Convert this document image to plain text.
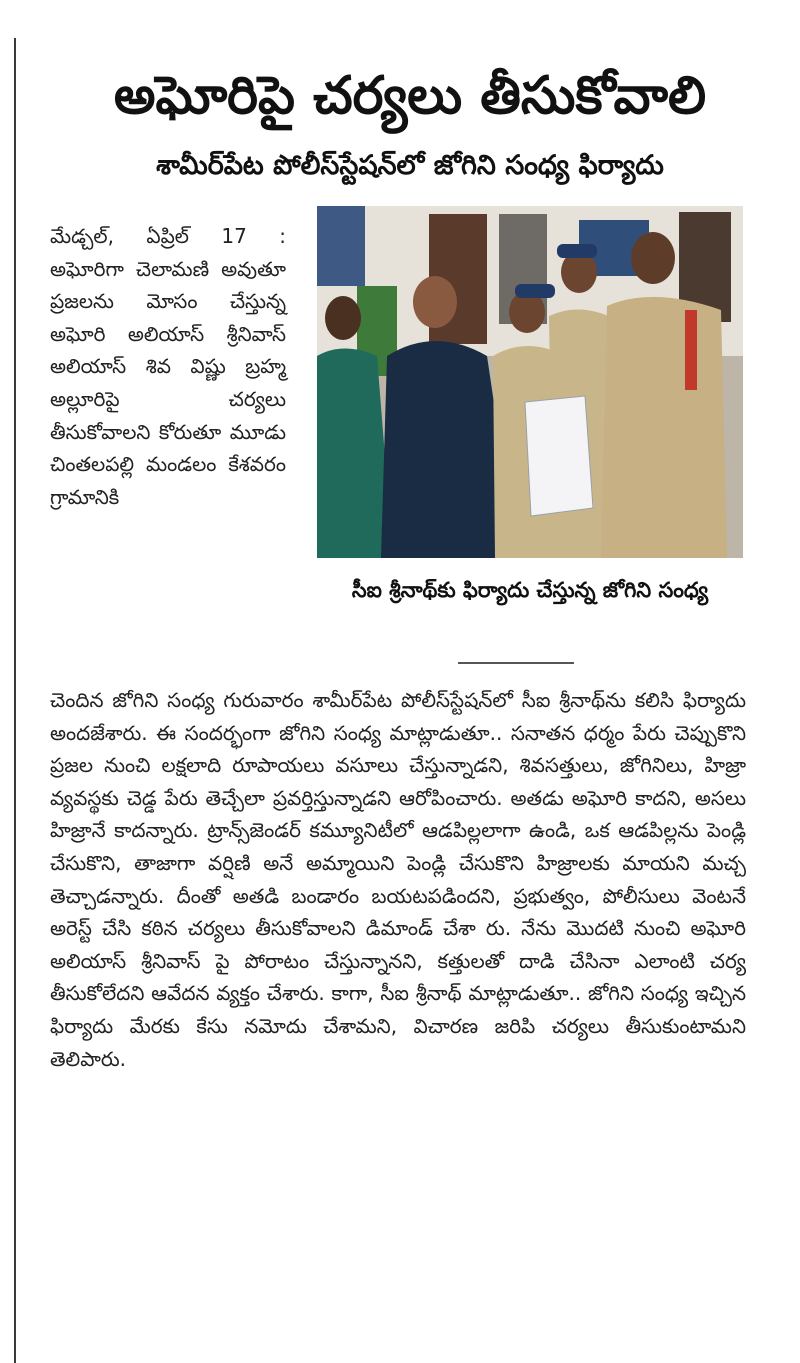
అఘోరిపై చర్యలు తీసుకోవాలి
శామీర్‌పేట పోలీస్‌స్టేషన్‌లో జోగిని సంధ్య ఫిర్యాదు

మేడ్చల్‌, ఏప్రిల్‌ 17 : అఘోరిగా చెలామణి అవుతూ ప్రజలను మోసం చేస్తున్న అఘోరి అలియాస్‌ శ్రీనివాస్‌ అలియాస్‌ శివ విష్ణు బ్రహ్మ అల్లూరిపై చర్యలు తీసుకోవాలని కోరుతూ మూడు చింతలపల్లి మండలం కేశవరం గ్రామానికి

సీఐ శ్రీనాథ్‌కు ఫిర్యాదు చేస్తున్న జోగిని సంధ్య

చెందిన జోగిని సంధ్య గురువారం శామీర్‌పేట పోలీస్‌స్టేషన్‌లో సీఐ శ్రీనాథ్‌ను కలిసి ఫిర్యాదు అందజేశారు. ఈ సందర్భంగా జోగిని సంధ్య మాట్లాడుతూ.. సనాతన ధర్మం పేరు చెప్పుకొని ప్రజల నుంచి లక్షలాది రూపాయలు వసూలు చేస్తున్నాడని, శివసత్తులు, జోగినిలు, హిజ్రా వ్యవస్థకు చెడ్డ పేరు తెచ్చేలా ప్రవర్తిస్తున్నాడని ఆరోపించారు. అతడు అఘోరి కాదని, అసలు హిజ్రానే కాదన్నారు. ట్రాన్స్‌జెండర్‌ కమ్యూనిటీలో ఆడపిల్లలాగా ఉండి, ఒక ఆడపిల్లను పెండ్లి చేసుకొని, తాజాగా వర్షిణి అనే అమ్మాయిని పెండ్లి చేసుకొని హిజ్రాలకు మాయని మచ్చ తెచ్చాడన్నారు. దీంతో అతడి బండారం బయటపడిందని, ప్రభుత్వం, పోలీసులు వెంటనే అరెస్ట్‌ చేసి కఠిన చర్యలు తీసుకోవాలని డిమాండ్‌ చేశా రు. నేను మొదటి నుంచి అఘోరి అలియాస్‌ శ్రీనివాస్‌ పై పోరాటం చేస్తున్నానని, కత్తులతో దాడి చేసినా ఎలాంటి చర్య తీసుకోలేదని ఆవేదన వ్యక్తం చేశారు. కాగా, సీఐ శ్రీనాథ్‌ మాట్లాడుతూ.. జోగిని సంధ్య ఇచ్చిన ఫిర్యాదు మేరకు కేసు నమోదు చేశామని, విచారణ జరిపి చర్యలు తీసుకుంటామని తెలిపారు.
